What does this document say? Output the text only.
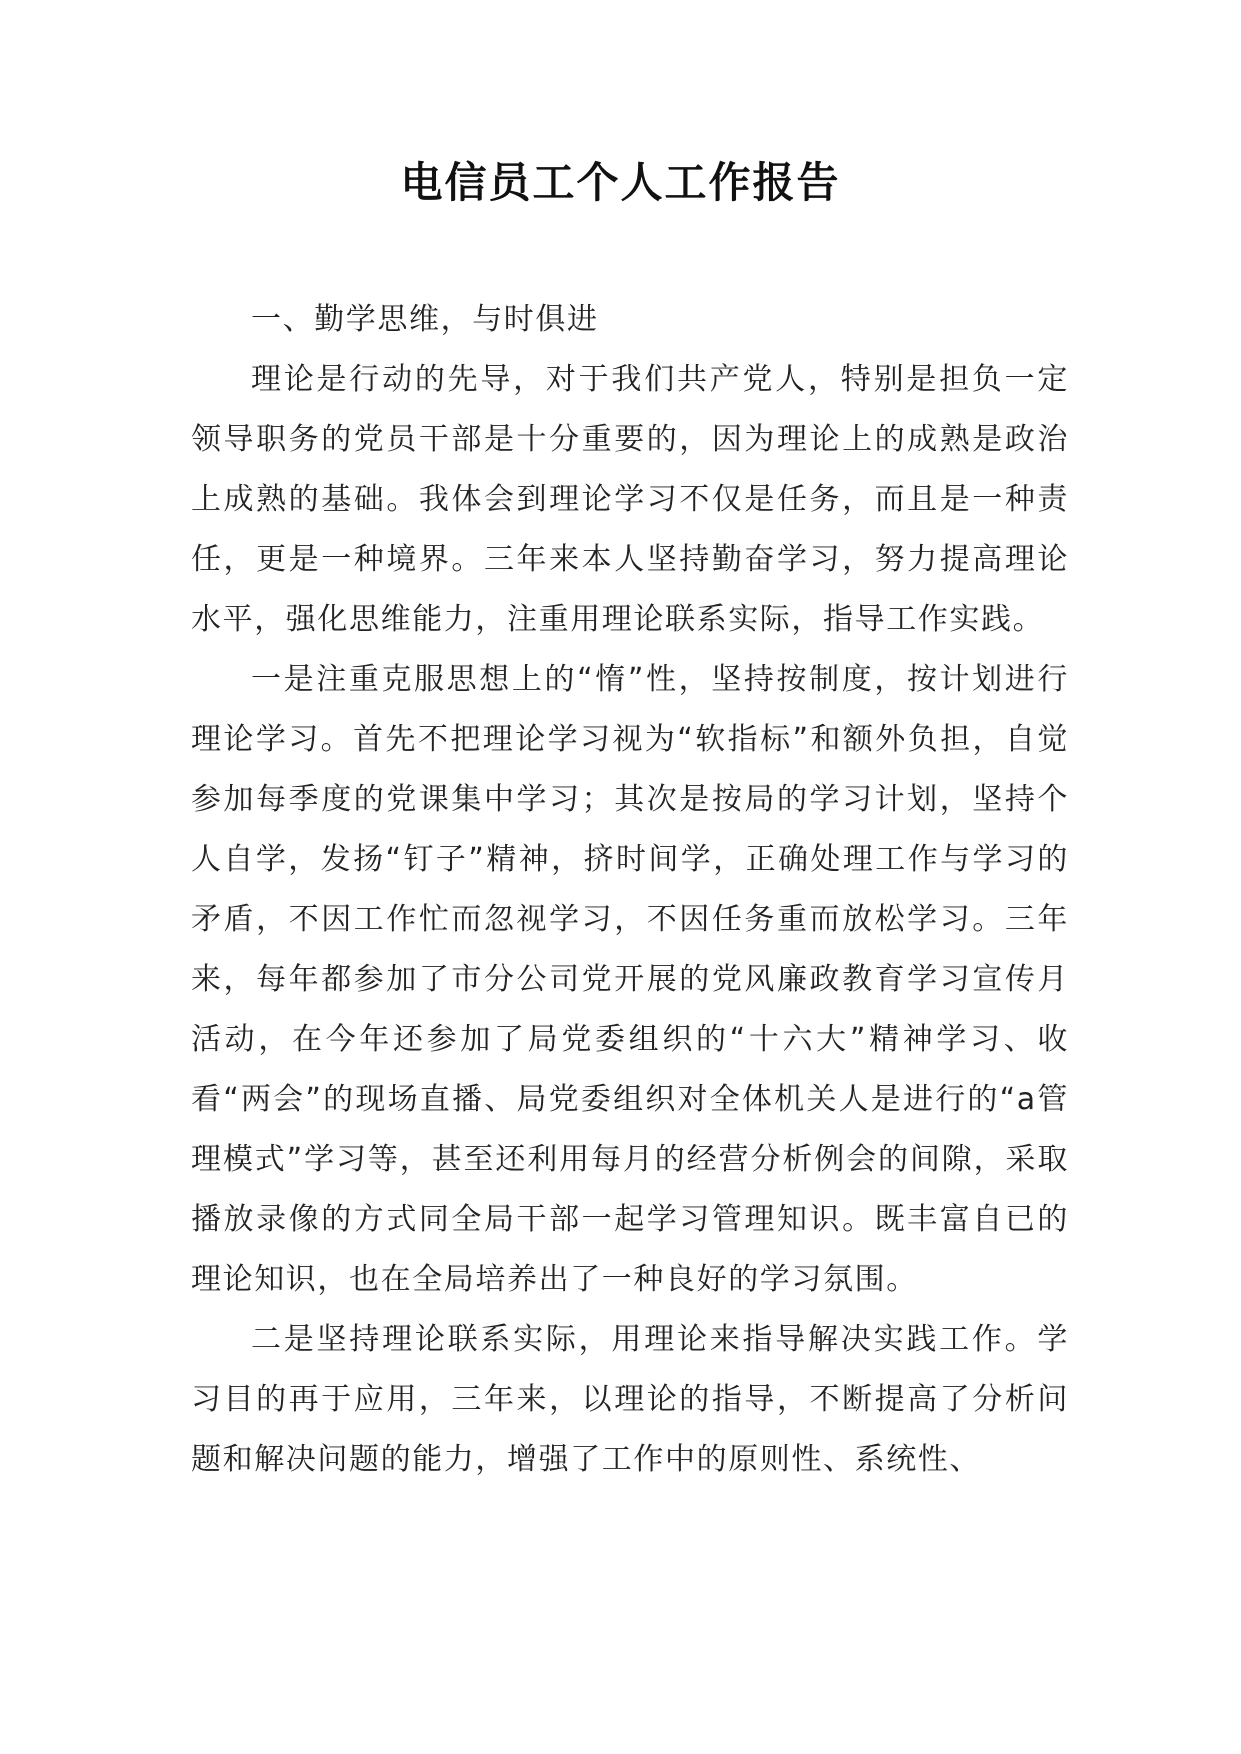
电信员工个人工作报告

一、勤学思维，与时俱进

理论是行动的先导，对于我们共产党人，特别是担负一定领导职务的党员干部是十分重要的，因为理论上的成熟是政治上成熟的基础。我体会到理论学习不仅是任务，而且是一种责任，更是一种境界。三年来本人坚持勤奋学习，努力提高理论水平，强化思维能力，注重用理论联系实际，指导工作实践。

一是注重克服思想上的“惰”性，坚持按制度，按计划进行理论学习。首先不把理论学习视为“软指标”和额外负担，自觉参加每季度的党课集中学习；其次是按局的学习计划，坚持个人自学，发扬“钉子”精神，挤时间学，正确处理工作与学习的矛盾，不因工作忙而忽视学习，不因任务重而放松学习。三年来，每年都参加了市分公司党开展的党风廉政教育学习宣传月活动，在今年还参加了局党委组织的“十六大”精神学习、收看“两会”的现场直播、局党委组织对全体机关人是进行的“a管理模式”学习等，甚至还利用每月的经营分析例会的间隙，采取播放录像的方式同全局干部一起学习管理知识。既丰富自已的理论知识，也在全局培养出了一种良好的学习氛围。

二是坚持理论联系实际，用理论来指导解决实践工作。学习目的再于应用，三年来，以理论的指导，不断提高了分析问题和解决问题的能力，增强了工作中的原则性、系统性、
